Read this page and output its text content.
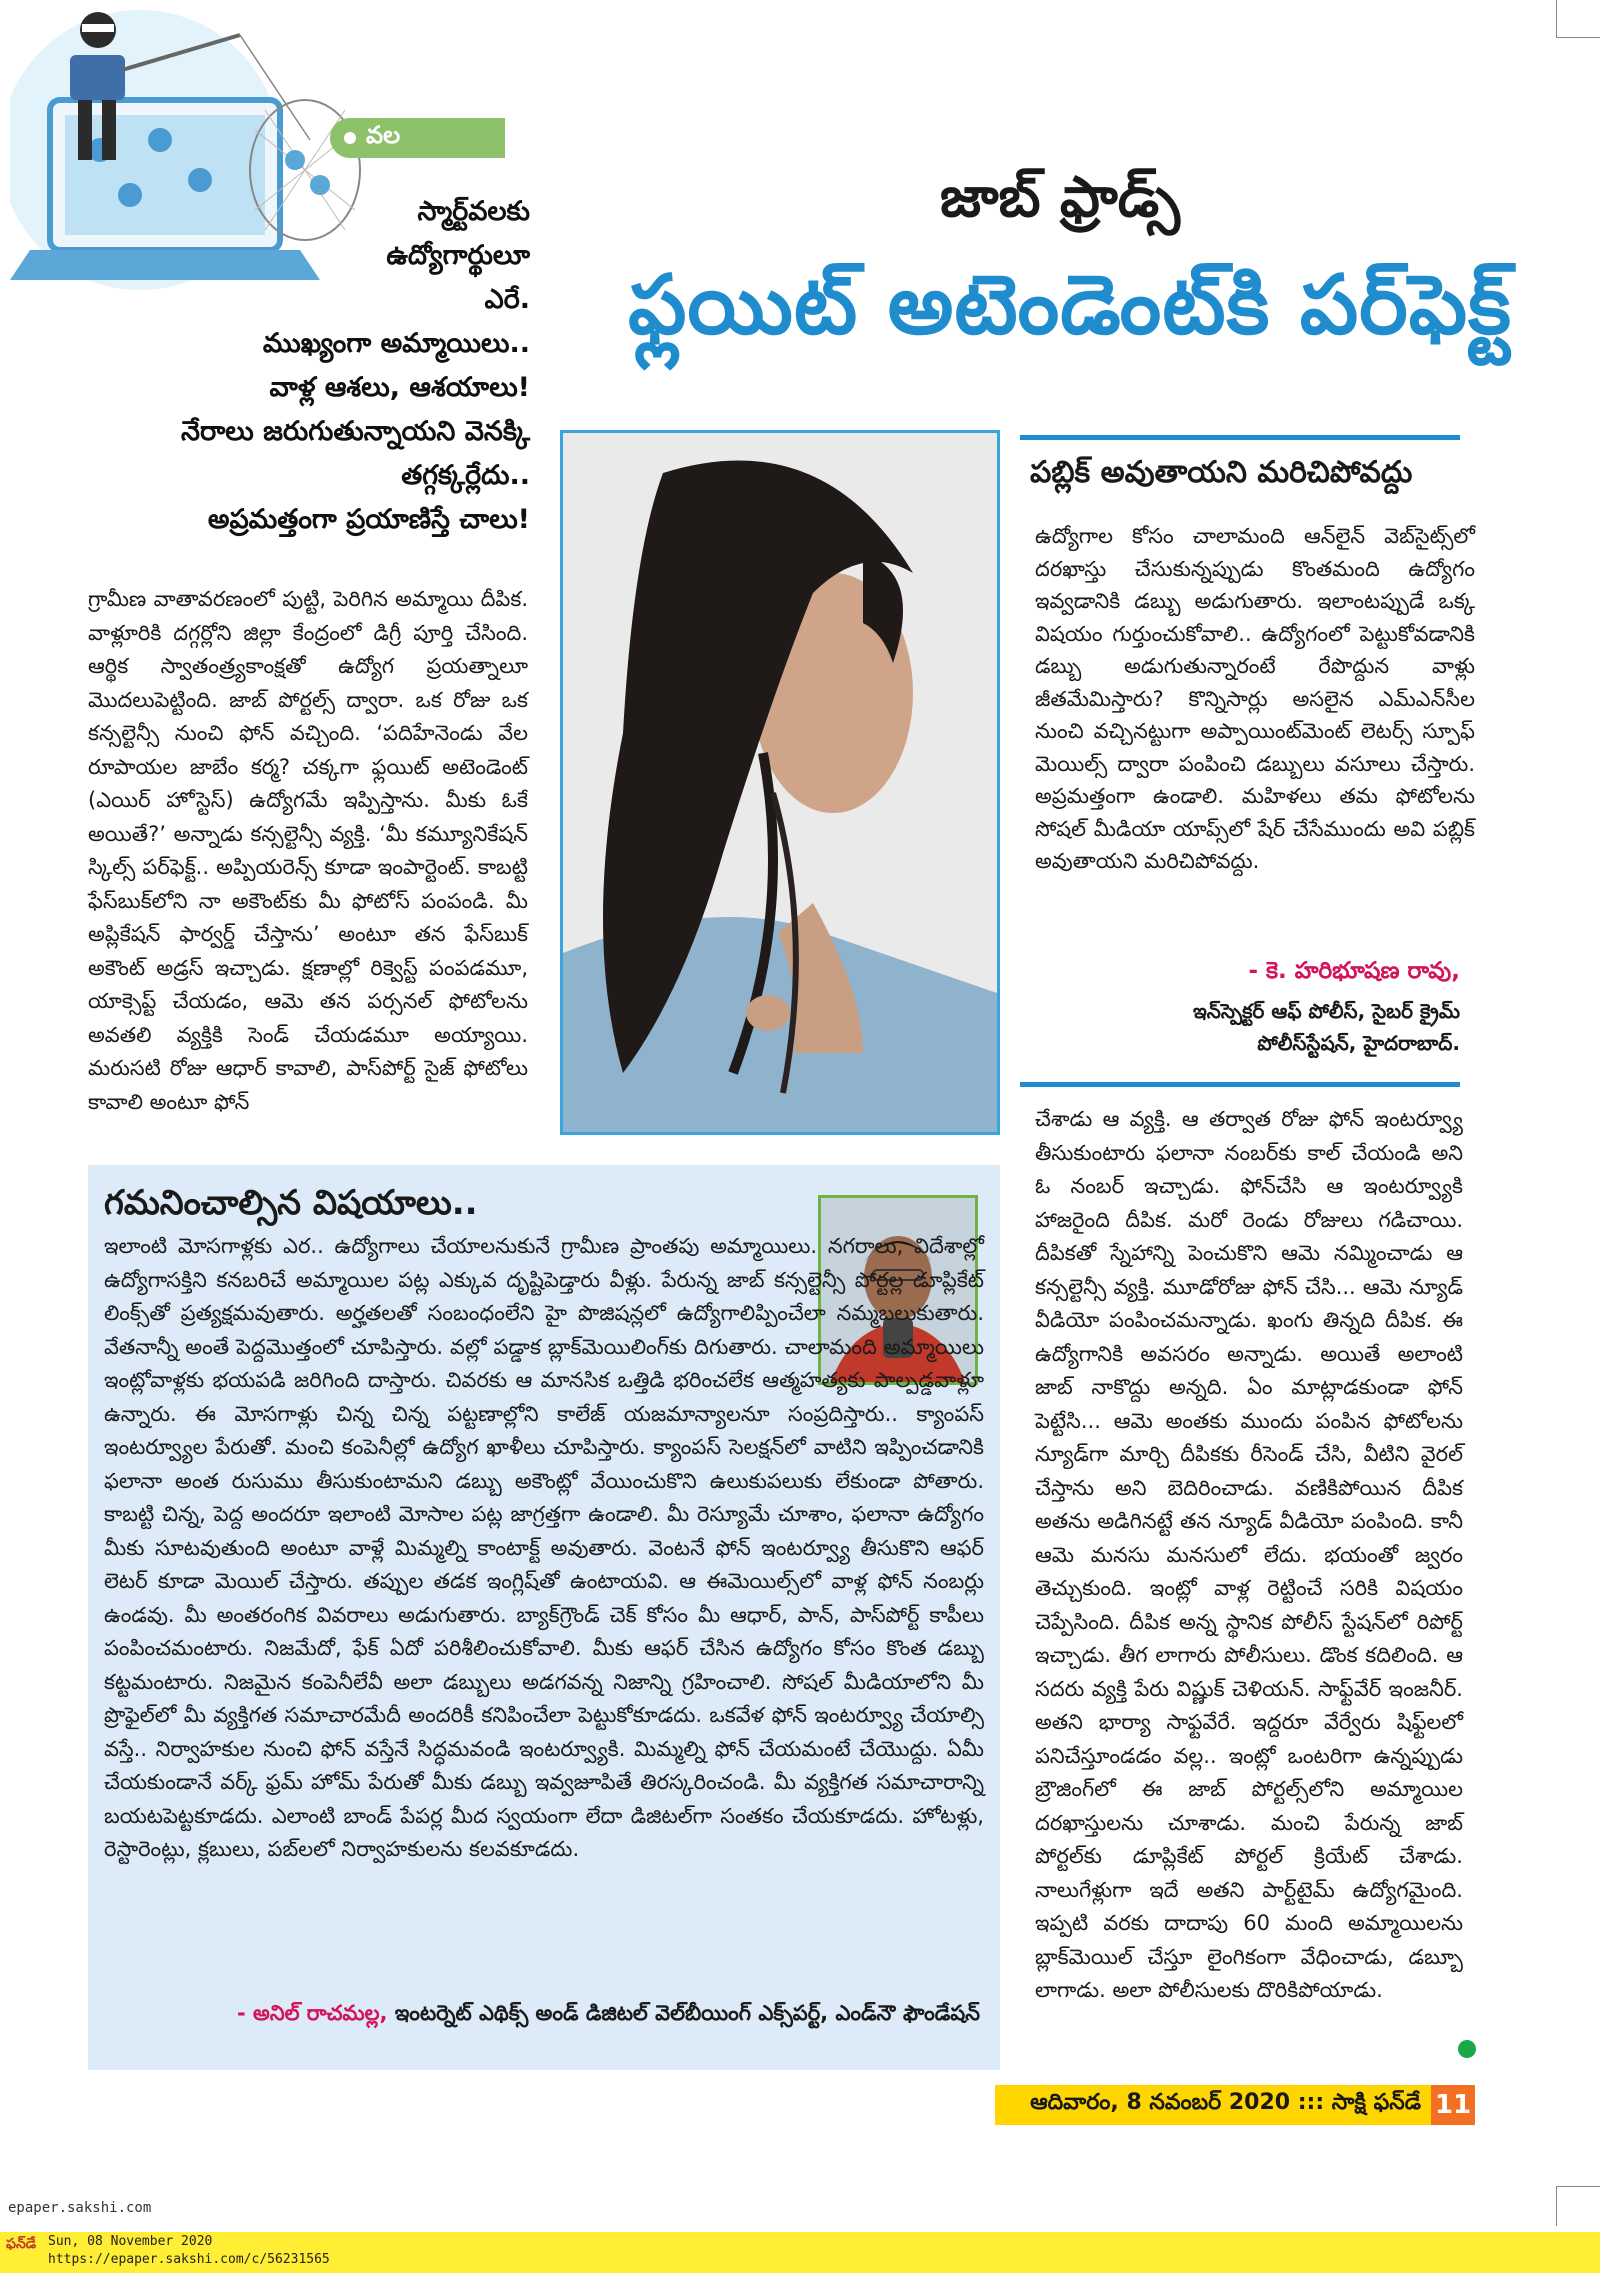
వల
స్మార్ట్‌వలకు
ఉద్యోగార్థులూ
ఎరే.
ముఖ్యంగా అమ్మాయిలు..
వాళ్ల ఆశలు, ఆశయాలు!
నేరాలు జరుగుతున్నాయని వెనక్కి
తగ్గక్కర్లేదు..
అప్రమత్తంగా ప్రయాణిస్తే చాలు!
జాబ్‌ ఫ్రాడ్స్‌
ఫ్లయిట్‌ అటెండెంట్‌కి పర్‌ఫెక్ట్‌
గ్రామీణ వాతావరణంలో పుట్టి, పెరిగిన అమ్మాయి దీపిక. వాళ్లూరికి దగ్గర్లోని జిల్లా కేంద్రంలో డిగ్రీ పూర్తి చేసింది. ఆర్థిక స్వాతంత్ర్యకాంక్షతో ఉద్యోగ ప్రయత్నాలూ మొదలుపెట్టింది. జాబ్‌ పోర్టల్స్‌ ద్వారా. ఒక రోజు ఒక కన్సల్టెన్సీ నుంచి ఫోన్‌ వచ్చింది. ‘పదిహేనెండు వేల రూపాయల జాబేం కర్మ? చక్కగా ఫ్లయిట్‌ అటెండెంట్‌ (ఎయిర్‌ హోస్టెస్‌) ఉద్యోగమే ఇప్పిస్తాను. మీకు ఓకే అయితే?’ అన్నాడు కన్సల్టెన్సీ వ్యక్తి. ‘మీ కమ్యూనికేషన్‌ స్కిల్స్‌ పర్‌ఫెక్ట్‌.. అప్పియరెన్స్‌ కూడా ఇంపార్టెంట్‌. కాబట్టి ఫేస్‌బుక్‌లోని నా అకౌంట్‌కు మీ ఫోటోస్‌ పంపండి. మీ అప్లికేషన్‌ ఫార్వర్డ్‌ చేస్తాను’ అంటూ తన ఫేస్‌బుక్‌ అకౌంట్‌ అడ్రస్‌ ఇచ్చాడు. క్షణాల్లో రిక్వెస్ట్‌ పంపడమూ, యాక్సెప్ట్‌ చేయడం, ఆమె తన పర్సనల్‌ ఫోటోలను అవతలి వ్యక్తికి సెండ్‌ చేయడమూ అయ్యాయి. మరుసటి రోజు ఆధార్‌ కావాలి, పాస్‌పోర్ట్‌ సైజ్‌ ఫోటోలు కావాలి అంటూ ఫోన్‌
పబ్లిక్‌ అవుతాయని మరిచిపోవద్దు
ఉద్యోగాల కోసం చాలామంది ఆన్‌లైన్‌ వెబ్‌సైట్స్‌లో దరఖాస్తు చేసుకున్నప్పుడు కొంతమంది ఉద్యోగం ఇవ్వడానికి డబ్బు అడుగుతారు. ఇలాంటప్పుడే ఒక్క విషయం గుర్తుంచుకోవాలి.. ఉద్యోగంలో పెట్టుకోవడానికి డబ్బు అడుగుతున్నారంటే రేపొద్దున వాళ్లు జీతమేమిస్తారు? కొన్నిసార్లు అసలైన ఎమ్‌ఎన్‌సీల నుంచి వచ్చినట్టుగా అప్పాయింట్‌మెంట్‌ లెటర్స్‌ స్పూఫ్‌ మెయిల్స్‌ ద్వారా పంపించి డబ్బులు వసూలు చేస్తారు. అప్రమత్తంగా ఉండాలి. మహిళలు తమ ఫోటోలను సోషల్‌ మీడియా యాప్స్‌లో షేర్‌ చేసేముందు అవి పబ్లిక్‌ అవుతాయని మరిచిపోవద్దు.
- కె. హరిభూషణ రావు,
ఇన్‌స్పెక్టర్‌ ఆఫ్‌ పోలీస్, సైబర్‌ క్రైమ్‌
పోలీస్‌స్టేషన్, హైదరాబాద్‌.
చేశాడు ఆ వ్యక్తి. ఆ తర్వాత రోజు ఫోన్‌ ఇంటర్వ్యూ తీసుకుంటారు ఫలానా నంబర్‌కు కాల్‌ చేయండి అని ఓ నంబర్‌ ఇచ్చాడు. ఫోన్‌చేసి ఆ ఇంటర్వ్యూకి హాజరైంది దీపిక. మరో రెండు రోజులు గడిచాయి. దీపికతో స్నేహాన్ని పెంచుకొని ఆమె నమ్మించాడు ఆ కన్సల్టెన్సీ వ్యక్తి. మూడోరోజు ఫోన్‌ చేసి... ఆమె న్యూడ్‌ వీడియో పంపించమన్నాడు. ఖంగు తిన్నది దీపిక. ఈ ఉద్యోగానికి అవసరం అన్నాడు. అయితే అలాంటి జాబ్‌ నాకొద్దు అన్నది. ఏం మాట్లాడకుండా ఫోన్‌ పెట్టేసి... ఆమె అంతకు ముందు పంపిన ఫోటోలను న్యూడ్‌గా మార్చి దీపికకు రీసెండ్‌ చేసి, వీటిని వైరల్‌ చేస్తాను అని బెదిరించాడు. వణికిపోయిన దీపిక అతను అడిగినట్టే తన న్యూడ్‌ వీడియో పంపింది. కానీ ఆమె మనసు మనసులో లేదు. భయంతో జ్వరం తెచ్చుకుంది. ఇంట్లో వాళ్ల రెట్టించే సరికి విషయం చెప్పేసింది. దీపిక అన్న స్థానిక పోలీస్‌ స్టేషన్‌లో రిపోర్ట్‌ ఇచ్చాడు. తీగ లాగారు పోలీసులు. డొంక కదిలింది. ఆ సదరు వ్యక్తి పేరు విష్ణుక్‌ చెళియన్‌. సాఫ్ట్‌వేర్‌ ఇంజనీర్‌. అతని భార్యా సాఫ్టవేరే. ఇద్దరూ వేర్వేరు షిఫ్ట్‌లలో పనిచేస్తూండడం వల్ల.. ఇంట్లో ఒంటరిగా ఉన్నప్పుడు బ్రౌజింగ్‌లో ఈ జాబ్‌ పోర్టల్స్‌లోని అమ్మాయిల దరఖాస్తులను చూశాడు. మంచి పేరున్న జాబ్‌ పోర్టల్‌కు డూప్లికేట్‌ పోర్టల్‌ క్రియేట్‌ చేశాడు. నాలుగేళ్లుగా ఇదే అతని పార్ట్‌టైమ్‌ ఉద్యోగమైంది. ఇప్పటి వరకు దాదాపు 60 మంది అమ్మాయిలను బ్లాక్‌మెయిల్‌ చేస్తూ లైంగికంగా వేధించాడు, డబ్బూ లాగాడు. అలా పోలీసులకు దొరికిపోయాడు.
గమనించాల్సిన విషయాలు..
ఇలాంటి మోసగాళ్లకు ఎర.. ఉద్యోగాలు చేయాలనుకునే గ్రామీణ ప్రాంతపు అమ్మాయిలు. నగరాలు, విదేశాల్లో ఉద్యోగాసక్తిని కనబరిచే అమ్మాయిల పట్ల ఎక్కువ దృష్టిపెడ్తారు వీళ్లు. పేరున్న జాబ్‌ కన్సల్టెన్సీ పోర్టల్ల డూప్లికేట్‌ లింక్స్‌తో ప్రత్యక్షమవుతారు. అర్హతలతో సంబంధంలేని హై పొజిషన్లలో ఉద్యోగాలిప్పించేలా నమ్మబలుకుతారు. వేతనాన్నీ అంతే పెద్దమొత్తంలో చూపిస్తారు. వల్లో పడ్డాక బ్లాక్‌మెయిలింగ్‌కు దిగుతారు. చాలామంది అమ్మాయిలు ఇంట్లోవాళ్లకు భయపడి జరిగింది దాస్తారు. చివరకు ఆ మానసిక ఒత్తిడి భరించలేక ఆత్మహత్యకు పాల్పడ్డవాళ్లూ ఉన్నారు. ఈ మోసగాళ్లు చిన్న చిన్న పట్టణాల్లోని కాలేజ్‌ యజమాన్యాలనూ సంప్రదిస్తారు.. క్యాంపస్‌ ఇంటర్వ్యూల పేరుతో. మంచి కంపెనీల్లో ఉద్యోగ ఖాళీలు చూపిస్తారు. క్యాంపస్‌ సెలక్షన్‌లో వాటిని ఇప్పించడానికి ఫలానా అంత రుసుము తీసుకుంటామని డబ్బు అకౌంట్లో వేయించుకొని ఉలుకుపలుకు లేకుండా పోతారు. కాబట్టి చిన్న, పెద్ద అందరూ ఇలాంటి మోసాల పట్ల జాగ్రత్తగా ఉండాలి. మీ రెస్యూమే చూశాం, ఫలానా ఉద్యోగం మీకు సూటవుతుంది అంటూ వాళ్లే మిమ్మల్ని కాంటాక్ట్‌ అవుతారు. వెంటనే ఫోన్‌ ఇంటర్వ్యూ తీసుకొని ఆఫర్‌ లెటర్‌ కూడా మెయిల్‌ చేస్తారు. తప్పుల తడక ఇంగ్లిష్‌తో ఉంటాయవి. ఆ ఈమెయిల్స్‌లో వాళ్ల ఫోన్‌ నంబర్లు ఉండవు. మీ అంతరంగిక వివరాలు అడుగుతారు. బ్యాక్‌గ్రౌండ్‌ చెక్‌ కోసం మీ ఆధార్, పాన్, పాస్‌పోర్ట్‌ కాపీలు పంపించమంటారు. నిజమేదో, ఫేక్‌ ఏదో పరిశీలించుకోవాలి. మీకు ఆఫర్‌ చేసిన ఉద్యోగం కోసం కొంత డబ్బు కట్టమంటారు. నిజమైన కంపెనీలేవీ అలా డబ్బులు అడగవన్న నిజాన్ని గ్రహించాలి. సోషల్‌ మీడియాలోని మీ ప్రొఫైల్‌లో మీ వ్యక్తిగత సమాచారమేదీ అందరికీ కనిపించేలా పెట్టుకోకూడదు. ఒకవేళ ఫోన్‌ ఇంటర్వ్యూ చేయాల్సి వస్తే.. నిర్వాహకుల నుంచి ఫోన్‌ వస్తేనే సిద్ధమవండి ఇంటర్వ్యూకి. మిమ్మల్ని ఫోన్‌ చేయమంటే చేయొద్దు. ఏమీ చేయకుండానే వర్క్‌ ఫ్రమ్‌ హోమ్‌ పేరుతో మీకు డబ్బు ఇవ్వజూపితే తిరస్కరించండి. మీ వ్యక్తిగత సమాచారాన్ని బయటపెట్టకూడదు. ఎలాంటి బాండ్‌ పేపర్ల మీద స్వయంగా లేదా డిజిటల్‌గా సంతకం చేయకూడదు. హోటళ్లు, రెస్టారెంట్లు, క్లబులు, పబ్‌లలో నిర్వాహకులను కలవకూడదు.
- అనిల్‌ రాచమల్ల, ఇంటర్నెట్‌ ఎథిక్స్‌ అండ్‌ డిజిటల్‌ వెల్‌బీయింగ్‌ ఎక్స్‌పర్ట్, ఎండ్‌నౌ ఫౌండేషన్‌
ఆదివారం, 8 నవంబర్‌ 2020 ::: సాక్షి ఫన్‌డే 11
epaper.sakshi.com
ఫన్‌డే Sun, 08 November 2020
https://epaper.sakshi.com/c/56231565
